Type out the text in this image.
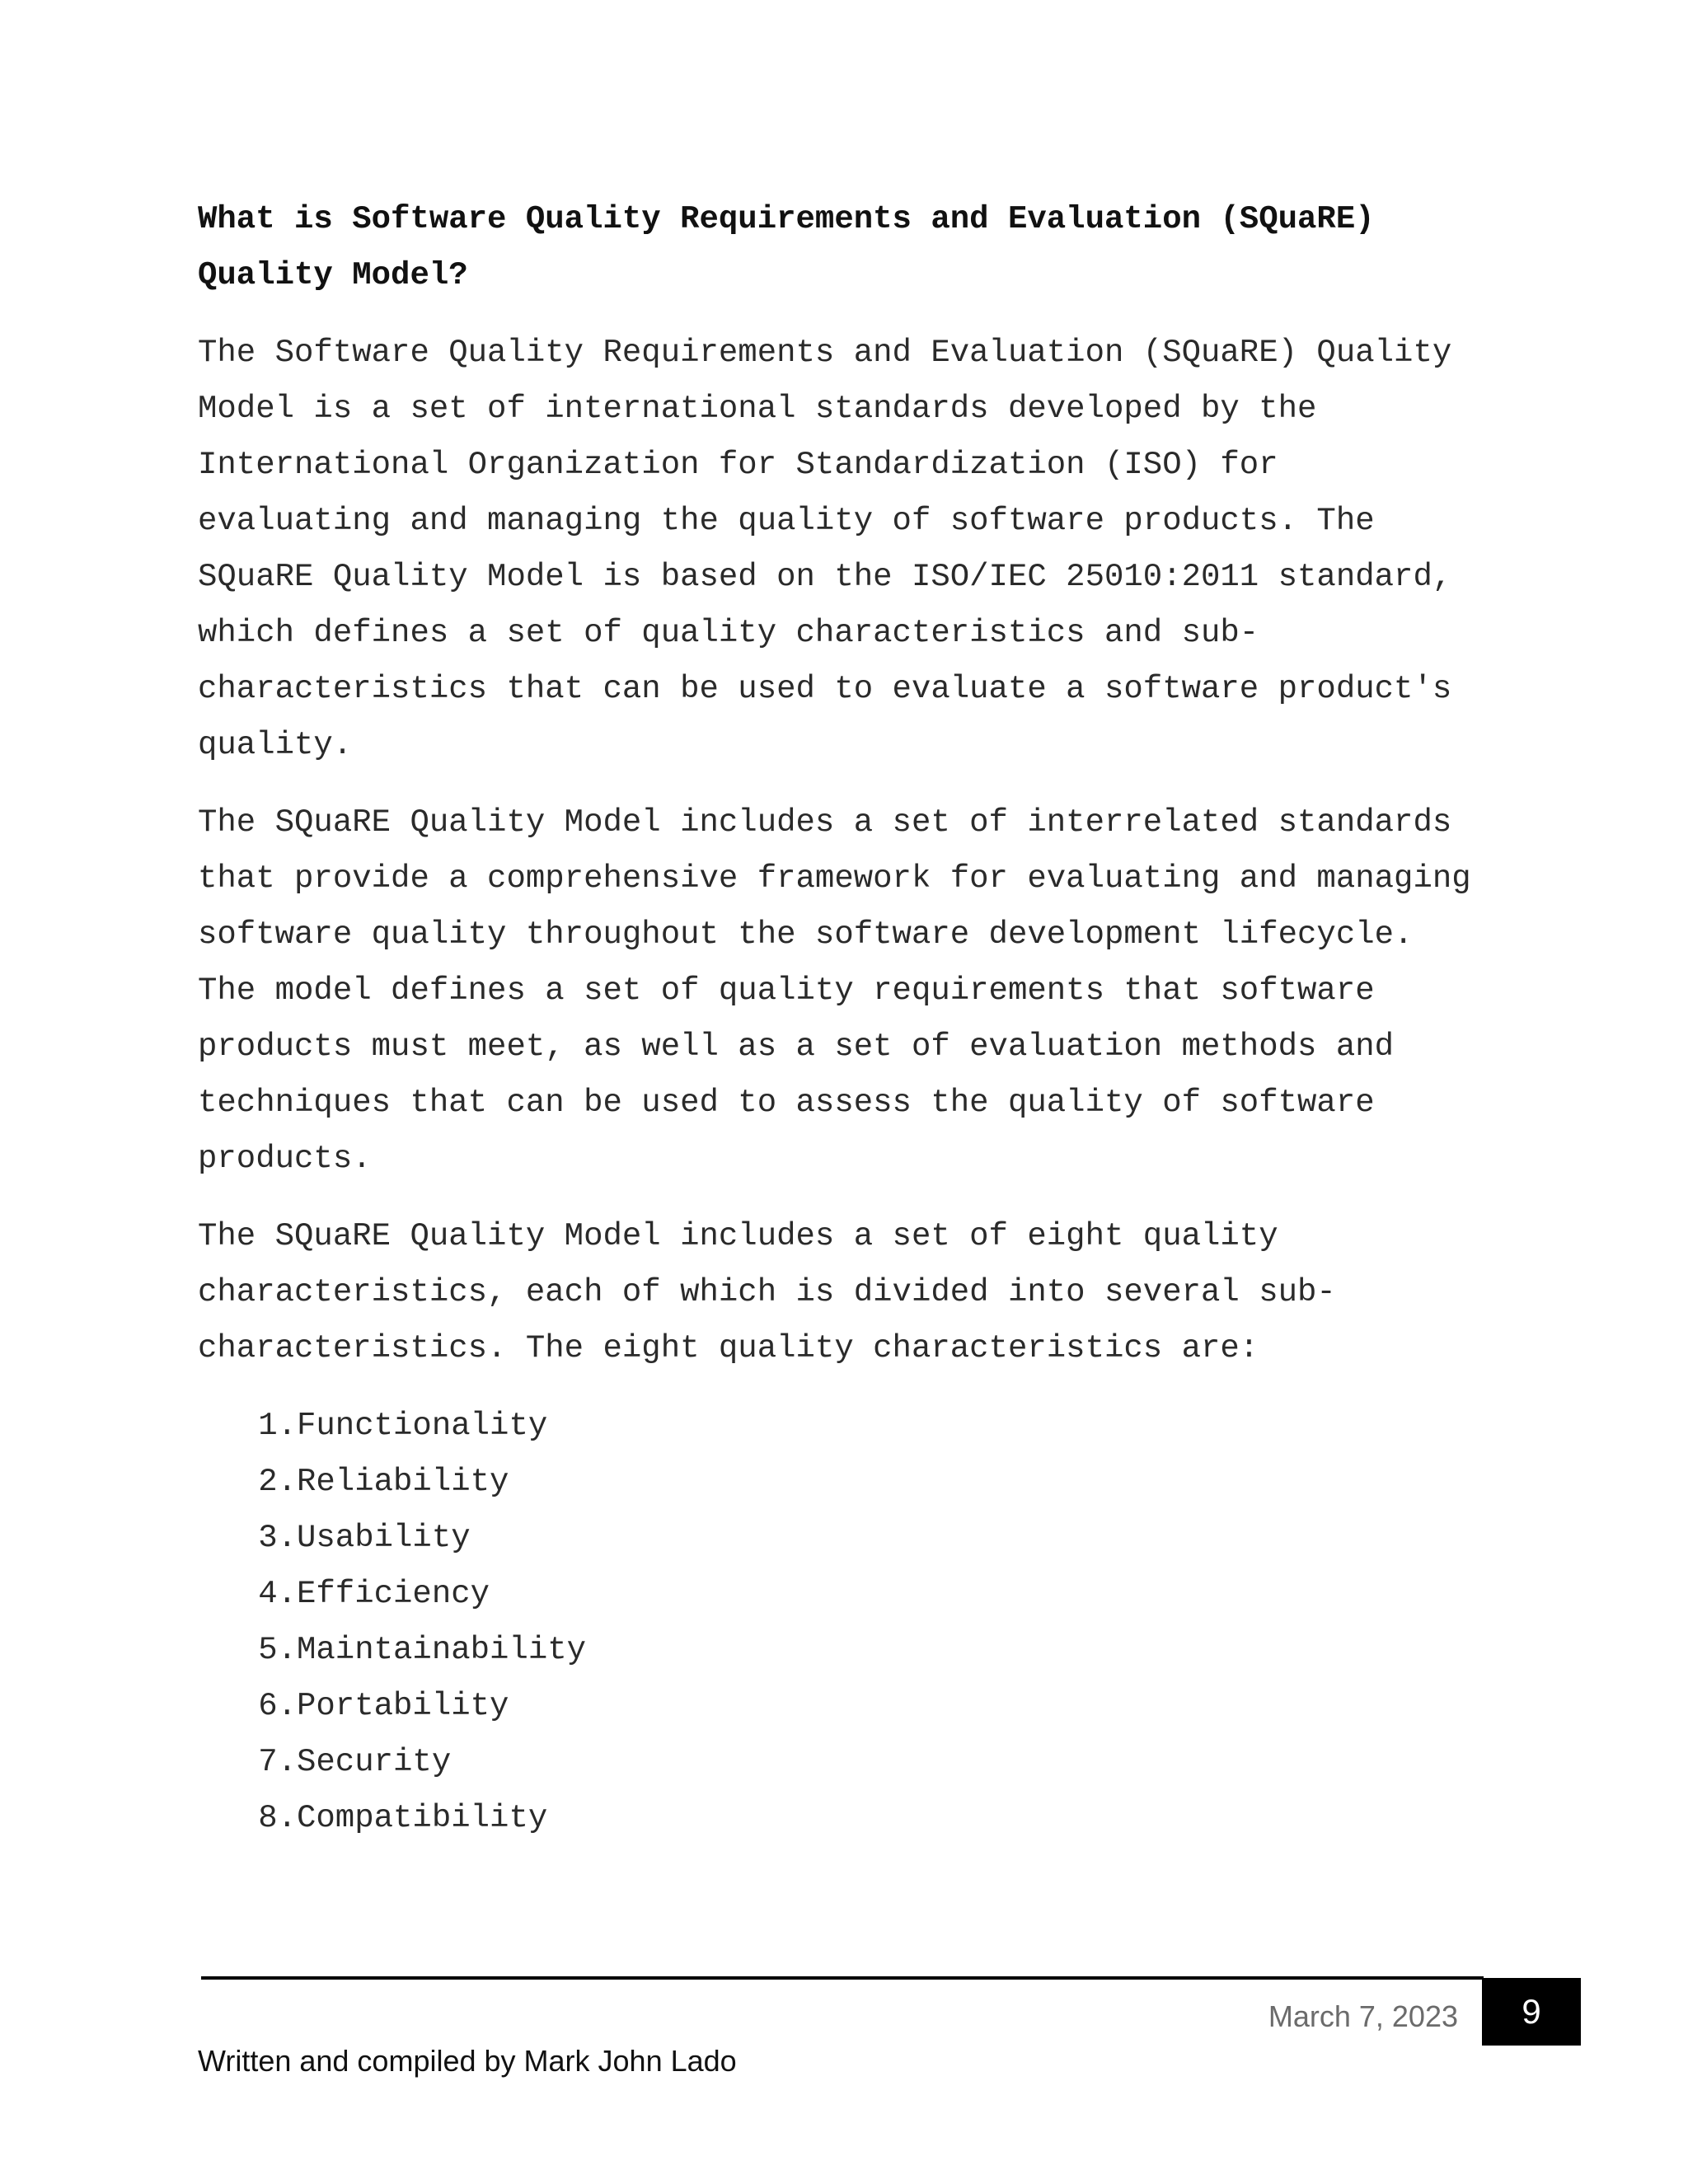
What is Software Quality Requirements and Evaluation (SQuaRE) Quality Model?

The Software Quality Requirements and Evaluation (SQuaRE) Quality Model is a set of international standards developed by the International Organization for Standardization (ISO) for evaluating and managing the quality of software products. The SQuaRE Quality Model is based on the ISO/IEC 25010:2011 standard, which defines a set of quality characteristics and sub-characteristics that can be used to evaluate a software product's quality.

The SQuaRE Quality Model includes a set of interrelated standards that provide a comprehensive framework for evaluating and managing software quality throughout the software development lifecycle. The model defines a set of quality requirements that software products must meet, as well as a set of evaluation methods and techniques that can be used to assess the quality of software products.

The SQuaRE Quality Model includes a set of eight quality characteristics, each of which is divided into several sub-characteristics. The eight quality characteristics are:

1. Functionality
2. Reliability
3. Usability
4. Efficiency
5. Maintainability
6. Portability
7. Security
8. Compatibility
March 7, 2023 9
Written and compiled by Mark John Lado
